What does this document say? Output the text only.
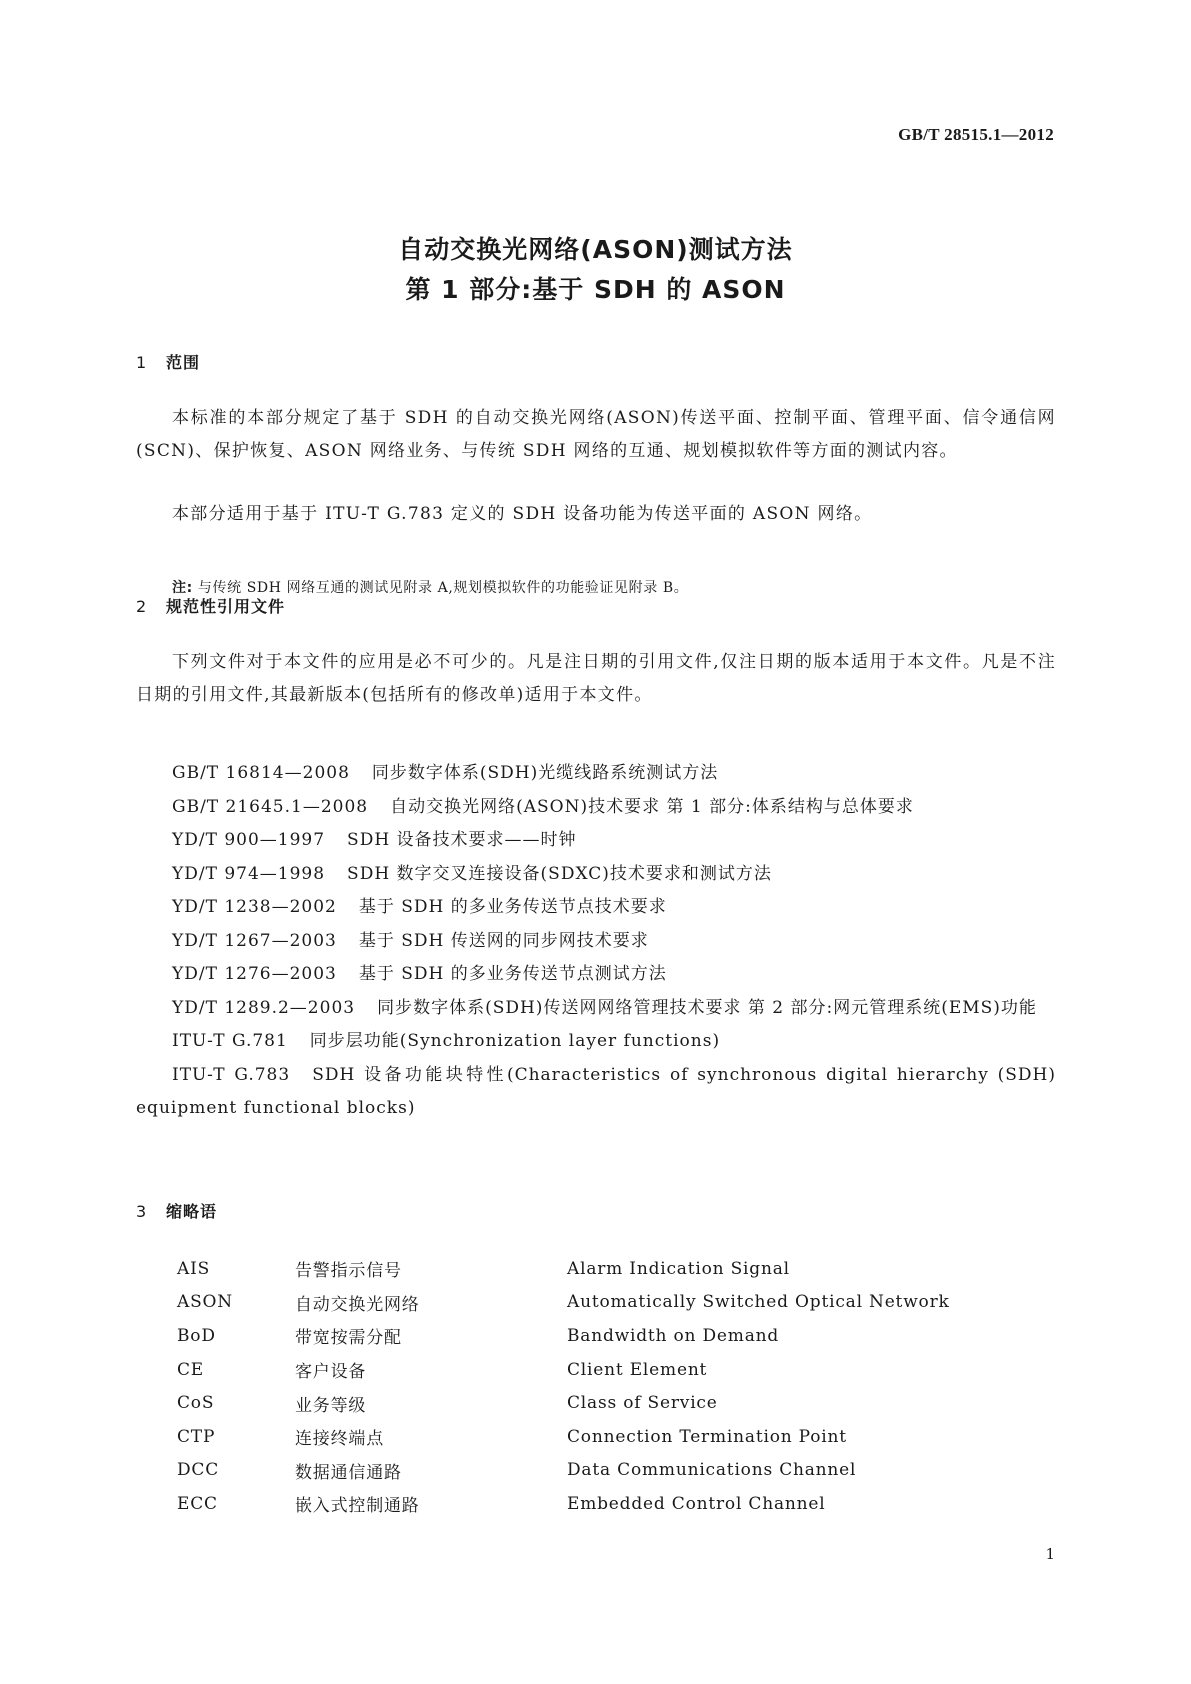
GB/T 28515.1—2012
自动交换光网络(ASON)测试方法
第 1 部分:基于 SDH 的 ASON
1 范围
本标准的本部分规定了基于 SDH 的自动交换光网络(ASON)传送平面、控制平面、管理平面、信令通信网(SCN)、保护恢复、ASON 网络业务、与传统 SDH 网络的互通、规划模拟软件等方面的测试内容。
本部分适用于基于 ITU-T G.783 定义的 SDH 设备功能为传送平面的 ASON 网络。
注: 与传统 SDH 网络互通的测试见附录 A,规划模拟软件的功能验证见附录 B。
2 规范性引用文件
下列文件对于本文件的应用是必不可少的。凡是注日期的引用文件,仅注日期的版本适用于本文件。凡是不注日期的引用文件,其最新版本(包括所有的修改单)适用于本文件。
GB/T 16814—2008 同步数字体系(SDH)光缆线路系统测试方法
GB/T 21645.1—2008 自动交换光网络(ASON)技术要求 第 1 部分:体系结构与总体要求
YD/T 900—1997 SDH 设备技术要求——时钟
YD/T 974—1998 SDH 数字交叉连接设备(SDXC)技术要求和测试方法
YD/T 1238—2002 基于 SDH 的多业务传送节点技术要求
YD/T 1267—2003 基于 SDH 传送网的同步网技术要求
YD/T 1276—2003 基于 SDH 的多业务传送节点测试方法
YD/T 1289.2—2003 同步数字体系(SDH)传送网网络管理技术要求 第 2 部分:网元管理系统(EMS)功能
ITU-T G.781 同步层功能(Synchronization layer functions)
ITU-T G.783 SDH 设备功能块特性(Characteristics of synchronous digital hierarchy (SDH) equipment functional blocks)
3 缩略语
AIS	告警指示信号	Alarm Indication Signal
ASON	自动交换光网络	Automatically Switched Optical Network
BoD	带宽按需分配	Bandwidth on Demand
CE	客户设备	Client Element
CoS	业务等级	Class of Service
CTP	连接终端点	Connection Termination Point
DCC	数据通信通路	Data Communications Channel
ECC	嵌入式控制通路	Embedded Control Channel
1
